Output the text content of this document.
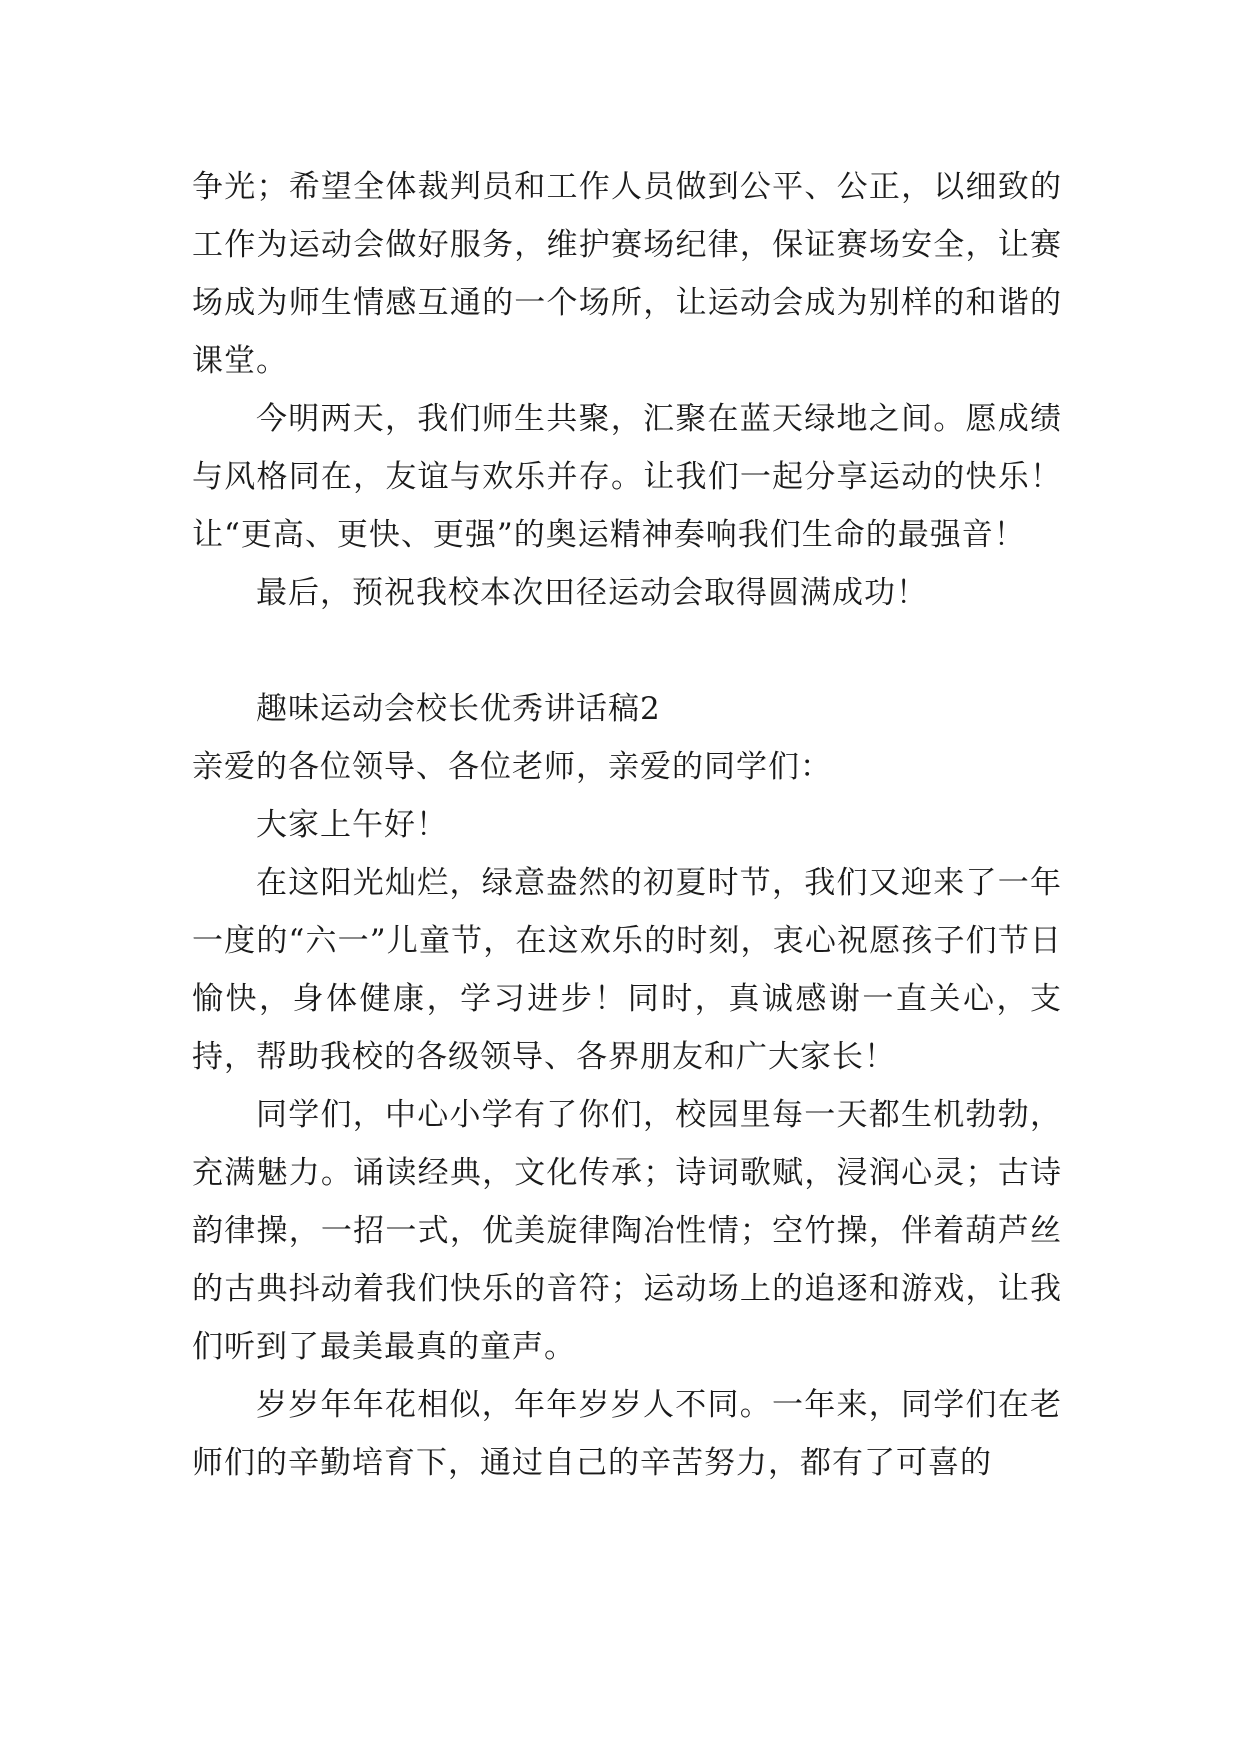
争光；希望全体裁判员和工作人员做到公平、公正，以细致的工作为运动会做好服务，维护赛场纪律，保证赛场安全，让赛场成为师生情感互通的一个场所，让运动会成为别样的和谐的课堂。

今明两天，我们师生共聚，汇聚在蓝天绿地之间。愿成绩与风格同在，友谊与欢乐并存。让我们一起分享运动的快乐！让“更高、更快、更强”的奥运精神奏响我们生命的最强音！

最后，预祝我校本次田径运动会取得圆满成功！

趣味运动会校长优秀讲话稿2

亲爱的各位领导、各位老师，亲爱的同学们：

大家上午好！

在这阳光灿烂，绿意盎然的初夏时节，我们又迎来了一年一度的“六一”儿童节，在这欢乐的时刻，衷心祝愿孩子们节日愉快，身体健康，学习进步！同时，真诚感谢一直关心，支持，帮助我校的各级领导、各界朋友和广大家长！

同学们，中心小学有了你们，校园里每一天都生机勃勃，充满魅力。诵读经典，文化传承；诗词歌赋，浸润心灵；古诗韵律操，一招一式，优美旋律陶冶性情；空竹操，伴着葫芦丝的古典抖动着我们快乐的音符；运动场上的追逐和游戏，让我们听到了最美最真的童声。

岁岁年年花相似，年年岁岁人不同。一年来，同学们在老师们的辛勤培育下，通过自己的辛苦努力，都有了可喜的
